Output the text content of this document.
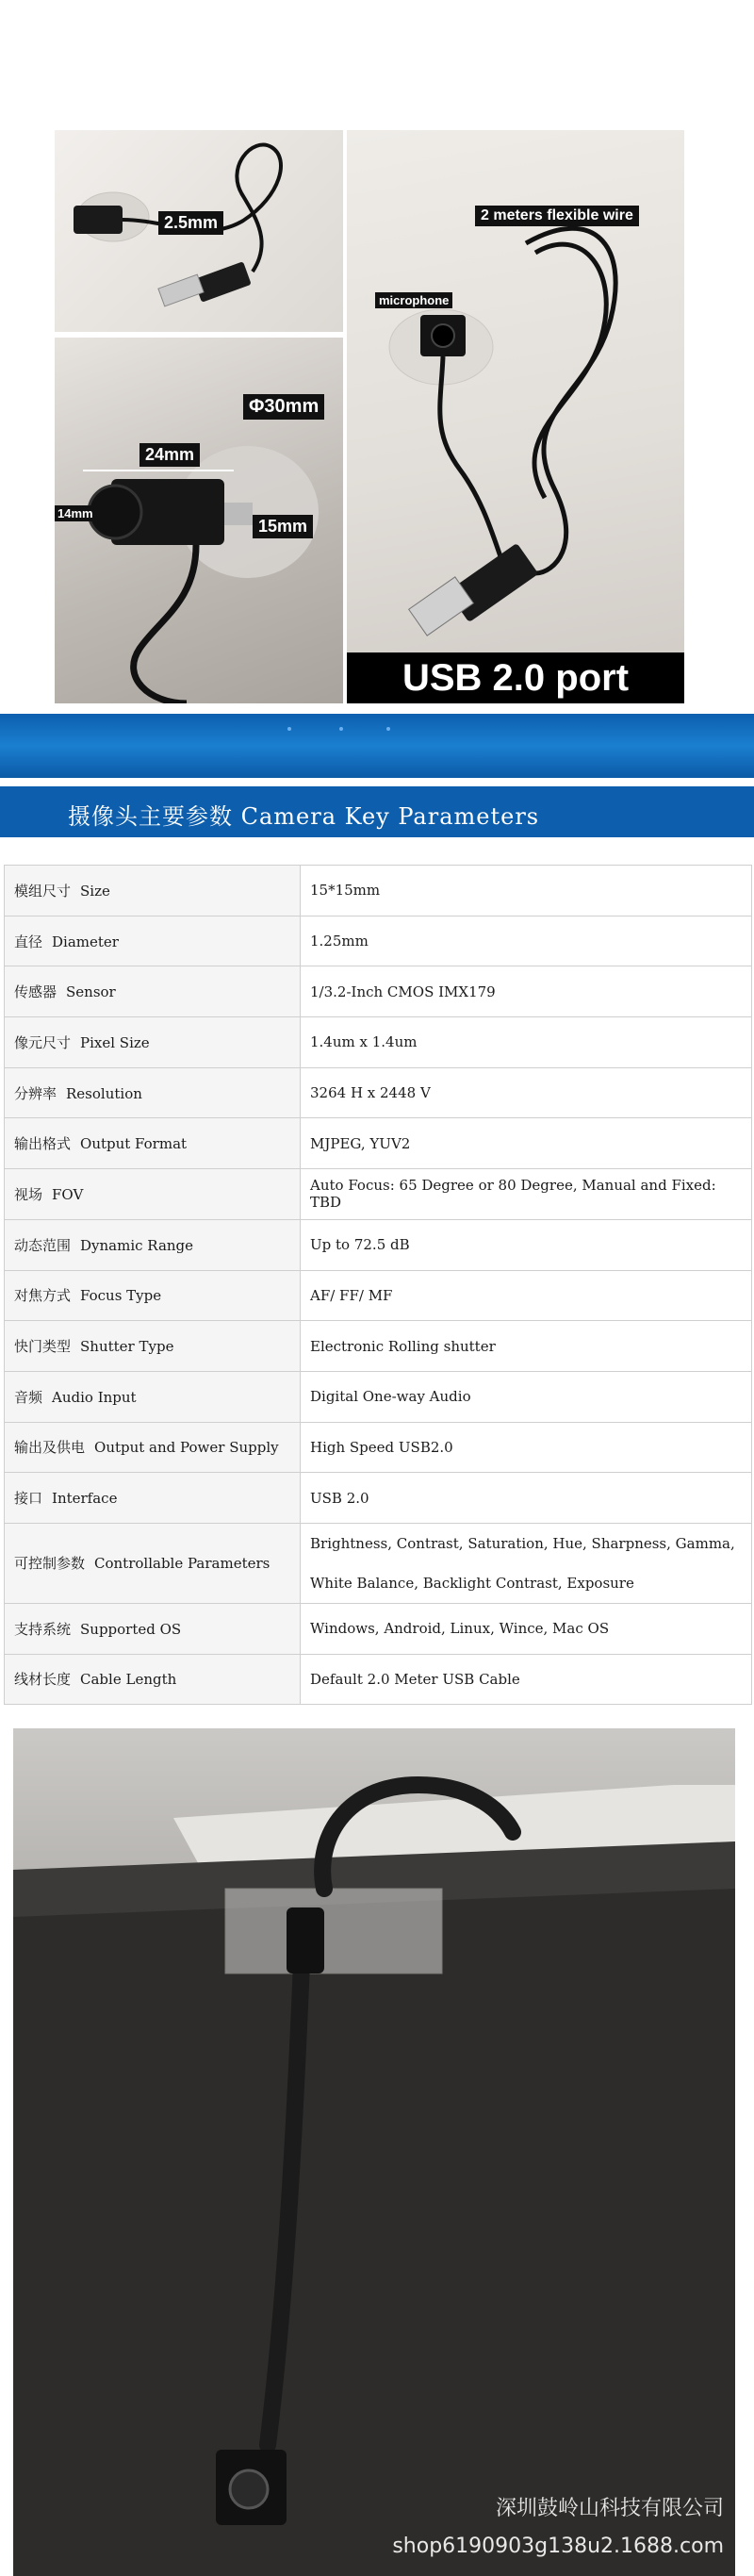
2.5mm
Φ30mm
24mm
14mm
15mm
2 meters flexible wire
microphone
USB 2.0 port
摄像头主要参数 Camera Key Parameters
模组尺寸 Size	15*15mm

直径 Diameter	1.25mm

传感器 Sensor	1/3.2-Inch CMOS IMX179

像元尺寸 Pixel Size	1.4um x 1.4um

分辨率 Resolution	3264 H x 2448 V

输出格式 Output Format	MJPEG, YUV2

视场 FOV	Auto Focus: 65 Degree or 80 Degree, Manual and Fixed: TBD

动态范围 Dynamic Range	Up to 72.5 dB

对焦方式 Focus Type	AF/ FF/ MF

快门类型 Shutter Type	Electronic Rolling shutter

音频 Audio Input	Digital One-way Audio

输出及供电 Output and Power Supply	High Speed USB2.0

接口 Interface	USB 2.0

可控制参数 Controllable Parameters	Brightness, Contrast, Saturation, Hue, Sharpness, Gamma,
White Balance, Backlight Contrast, Exposure

支持系统 Supported OS	Windows, Android, Linux, Wince, Mac OS

线材长度 Cable Length	Default 2.0 Meter USB Cable
深圳鼓岭山科技有限公司
shop6190903g138u2.1688.com
